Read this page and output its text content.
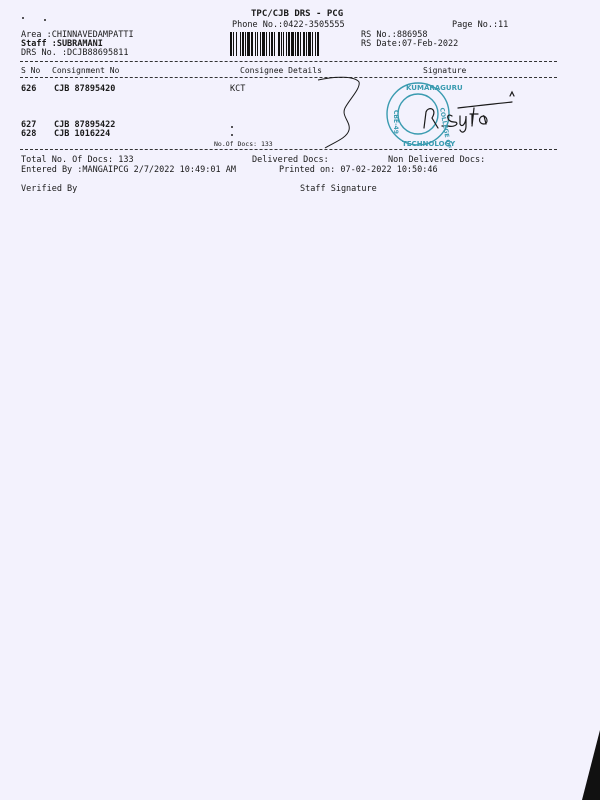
TPC/CJB DRS - PCG
Phone No.:0422-3505555	Page No.:11
Area :CHINNAVEDAMPATTI
Staff :SUBRAMANI
DRS No. :DCJB88695811
RS No.:886958
RS Date:07-Feb-2022
S No Consignment No	Consignee Details	Signature
626 CJB 87895420	KCT
627 CJB 87895422
628 CJB 1016224
No.Of Docs: 133
KUMARAGURU
CBE-49
TECHNOLOGY
COLLEGE OF
Total No. Of Docs: 133	Delivered Docs:	Non Delivered Docs:
Entered By :MANGAIPCG 2/7/2022 10:49:01 AM	Printed on: 07-02-2022 10:50:46
Verified By	Staff Signature
